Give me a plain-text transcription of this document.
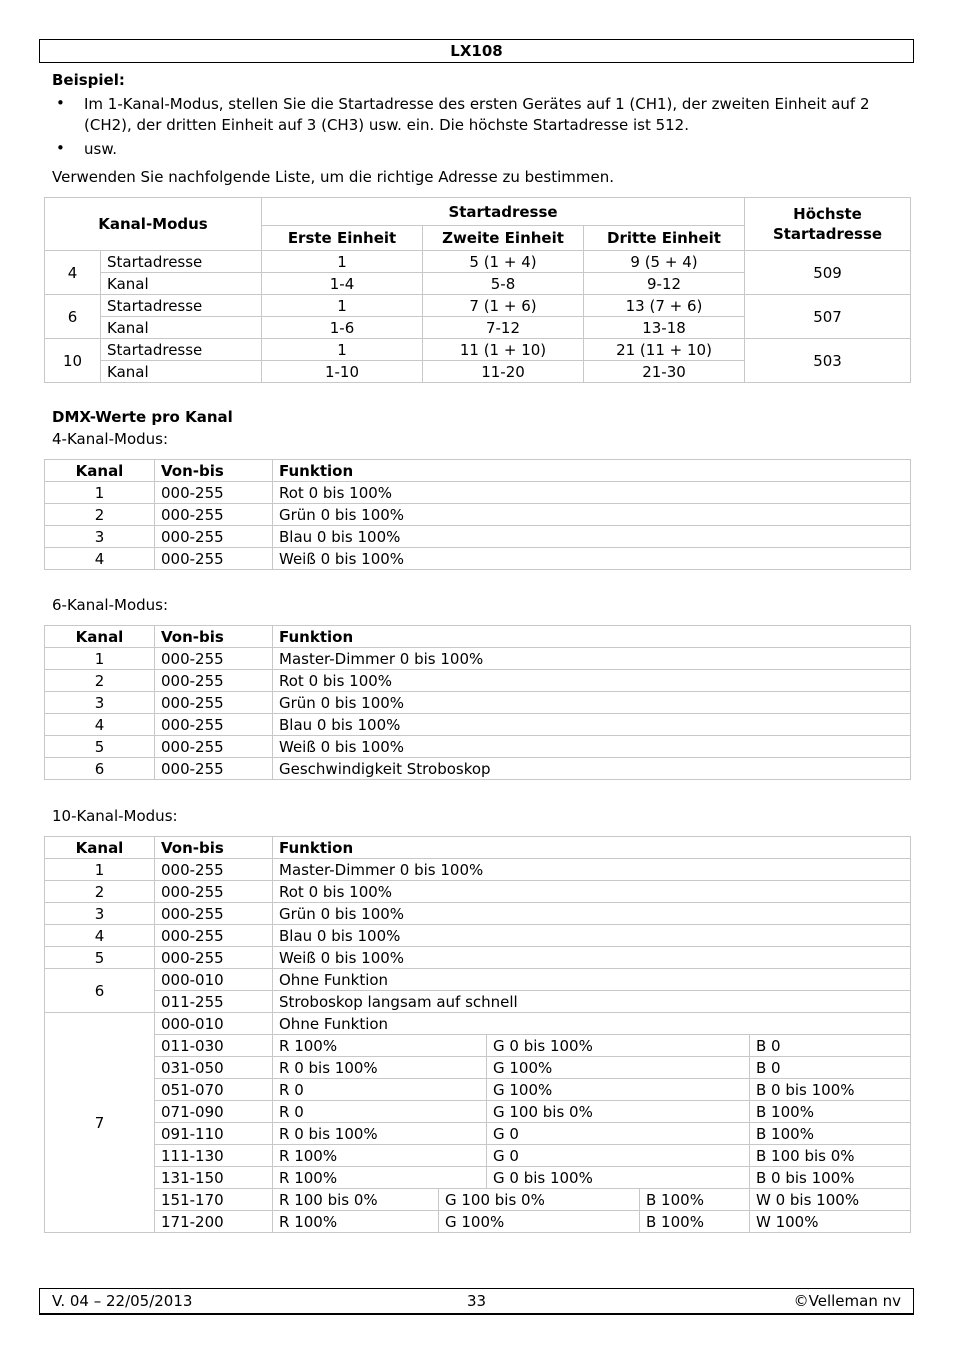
LX108
Beispiel:
• Im 1-Kanal-Modus, stellen Sie die Startadresse des ersten Gerätes auf 1 (CH1), der zweiten Einheit auf 2 (CH2), der dritten Einheit auf 3 (CH3) usw. ein. Die höchste Startadresse ist 512.
• usw.
Verwenden Sie nachfolgende Liste, um die richtige Adresse zu bestimmen.
Kanal-Modus		Startadresse			Höchste
Startadresse
		Erste Einheit	Zweite Einheit	Dritte Einheit	
4	Startadresse	1	5 (1 + 4)	9 (5 + 4)	509
	Kanal	1-4	5-8	9-12	
6	Startadresse	1	7 (1 + 6)	13 (7 + 6)	507
	Kanal	1-6	7-12	13-18	
10	Startadresse	1	11 (1 + 10)	21 (11 + 10)	503
	Kanal	1-10	11-20	21-30	
DMX-Werte pro Kanal
4-Kanal-Modus:
Kanal	Von-bis	Funktion
1	000-255	Rot 0 bis 100%
2	000-255	Grün 0 bis 100%
3	000-255	Blau 0 bis 100%
4	000-255	Weiß 0 bis 100%
6-Kanal-Modus:
Kanal	Von-bis	Funktion
1	000-255	Master-Dimmer 0 bis 100%
2	000-255	Rot 0 bis 100%
3	000-255	Grün 0 bis 100%
4	000-255	Blau 0 bis 100%
5	000-255	Weiß 0 bis 100%
6	000-255	Geschwindigkeit Stroboskop
10-Kanal-Modus:
Kanal	Von-bis	Funktion				
1	000-255	Master-Dimmer 0 bis 100%				
2	000-255	Rot 0 bis 100%				
3	000-255	Grün 0 bis 100%				
4	000-255	Blau 0 bis 100%				
5	000-255	Weiß 0 bis 100%				
6	000-010	Ohne Funktion				
	011-255	Stroboskop langsam auf schnell				
7	000-010	Ohne Funktion				
	011-030	R 100%		G 0 bis 100%		B 0
	031-050	R 0 bis 100%		G 100%		B 0
	051-070	R 0		G 100%		B 0 bis 100%
	071-090	R 0		G 100 bis 0%		B 100%
	091-110	R 0 bis 100%		G 0		B 100%
	111-130	R 100%		G 0		B 100 bis 0%
	131-150	R 100%		G 0 bis 100%		B 0 bis 100%
	151-170	R 100 bis 0%	G 100 bis 0%		B 100%	W 0 bis 100%
	171-200	R 100%	G 100%		B 100%	W 100%
V. 04 – 22/05/2013	33	©Velleman nv
